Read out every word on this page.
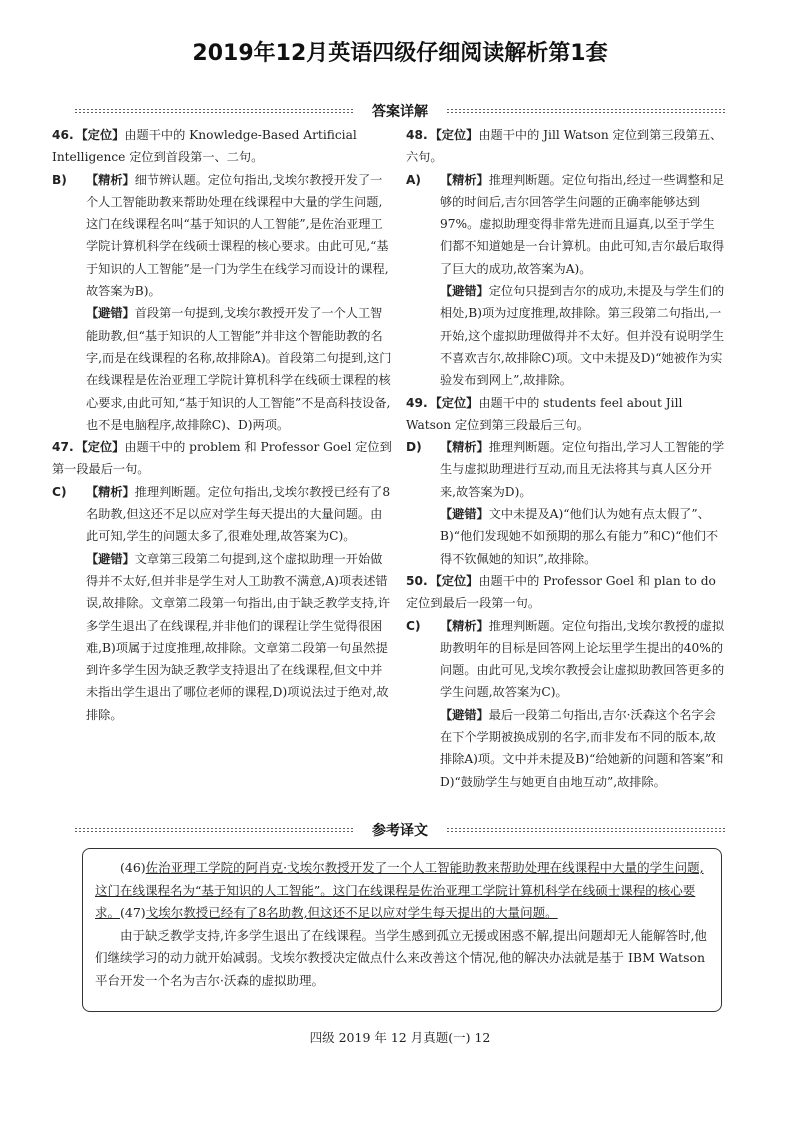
2019年12月英语四级仔细阅读解析第1套
答案详解
46. 【定位】由题干中的 Knowledge-Based Artificial Intelligence 定位到首段第一、二句。
B) 【精析】细节辨认题。定位句指出,戈埃尔教授开发了一个人工智能助教来帮助处理在线课程中大量的学生问题,这门在线课程名叫“基于知识的人工智能”,是佐治亚理工学院计算机科学在线硕士课程的核心要求。由此可见,“基于知识的人工智能”是一门为学生在线学习而设计的课程,故答案为B)。
【避错】首段第一句提到,戈埃尔教授开发了一个人工智能助教,但“基于知识的人工智能”并非这个智能助教的名字,而是在线课程的名称,故排除A)。首段第二句提到,这门在线课程是佐治亚理工学院计算机科学在线硕士课程的核心要求,由此可知,“基于知识的人工智能”不是高科技设备,也不是电脑程序,故排除C)、D)两项。
47. 【定位】由题干中的 problem 和 Professor Goel 定位到第一段最后一句。
C) 【精析】推理判断题。定位句指出,戈埃尔教授已经有了8名助教,但这还不足以应对学生每天提出的大量问题。由此可知,学生的问题太多了,很难处理,故答案为C)。
【避错】文章第三段第二句提到,这个虚拟助理一开始做得并不太好,但并非是学生对人工助教不满意,A)项表述错误,故排除。文章第二段第一句指出,由于缺乏教学支持,许多学生退出了在线课程,并非他们的课程让学生觉得很困难,B)项属于过度推理,故排除。文章第二段第一句虽然提到许多学生因为缺乏教学支持退出了在线课程,但文中并未指出学生退出了哪位老师的课程,D)项说法过于绝对,故排除。
48. 【定位】由题干中的 Jill Watson 定位到第三段第五、六句。
A) 【精析】推理判断题。定位句指出,经过一些调整和足够的时间后,吉尔回答学生问题的正确率能够达到97%。虚拟助理变得非常先进而且逼真,以至于学生们都不知道她是一台计算机。由此可知,吉尔最后取得了巨大的成功,故答案为A)。
【避错】定位句只提到吉尔的成功,未提及与学生们的相处,B)项为过度推理,故排除。第三段第二句指出,一开始,这个虚拟助理做得并不太好。但并没有说明学生不喜欢吉尔,故排除C)项。文中未提及D)“她被作为实验发布到网上”,故排除。
49. 【定位】由题干中的 students feel about Jill Watson 定位到第三段最后三句。
D) 【精析】推理判断题。定位句指出,学习人工智能的学生与虚拟助理进行互动,而且无法将其与真人区分开来,故答案为D)。
【避错】文中未提及A)“他们认为她有点太假了”、B)“他们发现她不如预期的那么有能力”和C)“他们不得不钦佩她的知识”,故排除。
50. 【定位】由题干中的 Professor Goel 和 plan to do 定位到最后一段第一句。
C) 【精析】推理判断题。定位句指出,戈埃尔教授的虚拟助教明年的目标是回答网上论坛里学生提出的40%的问题。由此可见,戈埃尔教授会让虚拟助教回答更多的学生问题,故答案为C)。
【避错】最后一段第二句指出,吉尔·沃森这个名字会在下个学期被换成别的名字,而非发布不同的版本,故排除A)项。文中并未提及B)“给她新的问题和答案”和D)“鼓励学生与她更自由地互动”,故排除。
参考译文

(46)佐治亚理工学院的阿肖克·戈埃尔教授开发了一个人工智能助教来帮助处理在线课程中大量的学生问题,这门在线课程名为“基于知识的人工智能”。这门在线课程是佐治亚理工学院计算机科学在线硕士课程的核心要求。(47)戈埃尔教授已经有了8名助教,但这还不足以应对学生每天提出的大量问题。

由于缺乏教学支持,许多学生退出了在线课程。当学生感到孤立无援或困惑不解,提出问题却无人能解答时,他们继续学习的动力就开始减弱。戈埃尔教授决定做点什么来改善这个情况,他的解决办法就是基于 IBM Watson 平台开发一个名为吉尔·沃森的虚拟助理。

四级 2019 年 12 月真题(一) 12
